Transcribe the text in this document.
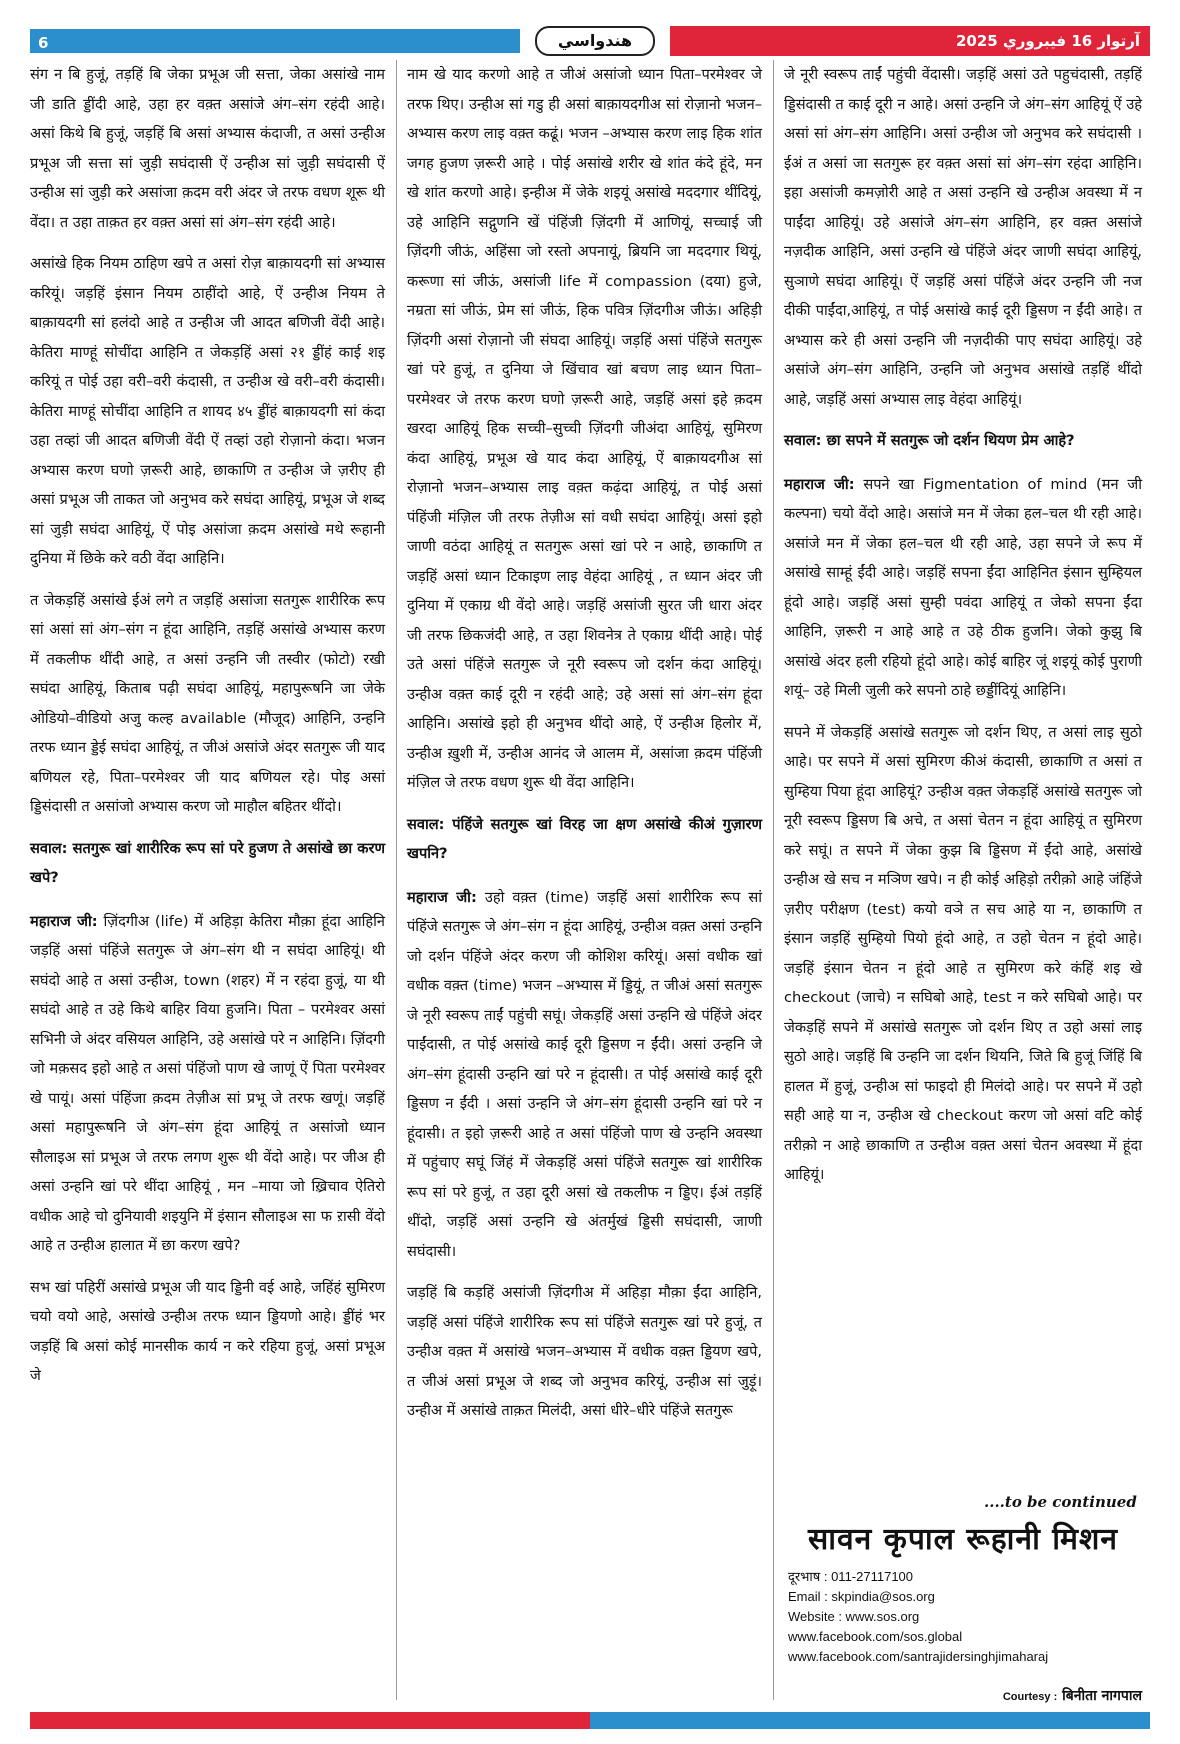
6	هندواسي	آرتوار 16 فيبروري 2025

संग न बि हुजूं, तड़हिं बि जेका प्रभूअ जी सत्ता, जेका असांखे नाम जी डाति ड्डींदी आहे, उहा हर वक़्त असांजे अंग–संग रहंदी आहे। असां किथे बि हुजूं, जड़हिं बि असां अभ्यास कंदाजी, त असां उन्हीअ प्रभूअ जी सत्ता सां जुड़ी सघंदासी ऐं उन्हीअ सां जुड़ी सघंदासी ऐं उन्हीअ सां जुड़ी करे असांजा क़दम वरी अंदर जे तरफ वधण शूरू थी वेंदा। त उहा ताक़त हर वक़्त असां सां अंग–संग रहंदी आहे।

असांखे हिक नियम ठाहिण खपे त असां रोज़ बाक़ायदगी सां अभ्यास करियूं। जड़हिं इंसान नियम ठाहींदो आहे, ऐं उन्हीअ नियम ते बाक़ायदगी सां हलंदो आहे त उन्हीअ जी आदत बणिजी वेंदी आहे। केतिरा माण्हूं सोचींदा आहिनि त जेकड़हिं असां २१ ड्डींहं काई शइ करियूं त पोई उहा वरी–वरी कंदासी, त उन्हीअ खे वरी–वरी कंदासी। केतिरा माण्हूं सोचींदा आहिनि त शायद ४५ ड्डींहं बाक़ायदगी सां कंदा उहा तव्हां जी आदत बणिजी वेंदी ऐं तव्हां उहो रोज़ानो कंदा। भजन अभ्यास करण घणो ज़रूरी आहे, छाकाणि त उन्हीअ जे ज़रीए ही असां प्रभूअ जी ताकत जो अनुभव करे सघंदा आहियूं, प्रभूअ जे शब्द सां जुड़ी सघंदा आहियूं, ऐं पोइ असांजा क़दम असांखे मथे रूहानी दुनिया में छिके करे वठी वेंदा आहिनि।

त जेकड़हिं असांखे ईअं लगे त जड़हिं असांजा सतगुरू शारीरिक रूप सां असां सां अंग–संग न हूंदा आहिनि, तड़हिं असांखे अभ्यास करण में तकलीफ थींदी आहे, त असां उन्हनि जी तस्वीर (फोटो) रखी सघंदा आहियूं, किताब पढ़ी सघंदा आहियूं, महापुरूषनि जा जेके ओडियो–वीडियो अजु कल्ह available (मौजूद) आहिनि, उन्हनि तरफ ध्यान ड्डेई सघंदा आहियूं, त जीअं असांजे अंदर सतगुरू जी याद बणियल रहे, पिता–परमेश्वर जी याद बणियल रहे। पोइ असां ड्डिसंदासी त असांजो अभ्यास करण जो माहौल बहितर थींदो।

सवाल: सतगुरू खां शारीरिक रूप सां परे हुजण ते असांखे छा करण खपे?

महाराज जी: ज़िंदगीअ (life) में अहिड़ा केतिरा मौक़ा हूंदा आहिनि जड़हिं असां पंहिंजे सतगुरू जे अंग–संग थी न सघंदा आहियूं। थी सघंदो आहे त असां उन्हीअ, town (शहर) में न रहंदा हुजूं, या थी सघंदो आहे त उहे किथे बाहिर विया हुजनि। पिता – परमेश्वर असां सभिनी जे अंदर वसियल आहिनि, उहे असांखे परे न आहिनि। ज़िंदगी जो मक़सद इहो आहे त असां पंहिंजो पाण खे जाणूं ऐं पिता परमेश्वर खे पायूं। असां पंहिंजा क़दम तेज़ीअ सां प्रभू जे तरफ खणूं। जड़हिं असां महापुरूषनि जे अंग–संग हूंदा आहियूं त असांजो ध्यान सौलाइअ सां प्रभूअ जे तरफ लगण शुरू थी वेंदो आहे। पर जीअ ही असां उन्हनि खां परे थींदा आहियूं , मन –माया जो ख़्रिचाव ऐतिरो वधीक आहे चो दुनियावी शइयुनि में इंसान सौलाइअ सा फ ऱासी वेंदो आहे त उन्हीअ हालात में छा करण खपे?

सभ खां पहिरीं असांखे प्रभूअ जी याद ड्डिनी वई आहे, जहिंहं सुमिरण चयो वयो आहे, असांखे उन्हीअ तरफ ध्यान ड्डियणो आहे। ड्डींहं भर जड़हिं बि असां कोई मानसीक कार्य न करे रहिया हुजूं, असां प्रभूअ जे

नाम खे याद करणो आहे त जीअं असांजो ध्यान पिता–परमेश्वर जे तरफ थिए। उन्हीअ सां गडु ही असां बाक़ायदगीअ सां रोज़ानो भजन–अभ्यास करण लाइ वक़्त कढूं। भजन –अभ्यास करण लाइ हिक शांत जगह हुजण ज़रूरी आहे । पोई असांखे शरीर खे शांत कंदे हूंदे, मन खे शांत करणो आहे। इन्हीअ में जेके शइयूं असांखे मददगार थींदियूं, उहे आहिनि सद्गुणनि खें पंहिंजी ज़िंदगी में आणियूं, सच्चाई जी ज़िंदगी जीऊं, अहिंसा जो रस्तो अपनायूं, ब्रियनि जा मददगार थियूं, करूणा सां जीऊं, असांजी life में compassion (दया) हुजे, नम्रता सां जीऊं, प्रेम सां जीऊं, हिक पवित्र ज़िंदगीअ जीऊं। अहिड़ी ज़िंदगी असां रोज़ानो जी संघदा आहियूं। जड़हिं असां पंहिंजे सतगुरू खां परे हुजूं, त दुनिया जे खिंचाव खां बचण लाइ ध्यान पिता–परमेश्वर जे तरफ करण घणो ज़रूरी आहे, जड़हिं असां इहे क़दम खरदा आहियूं हिक सच्ची–सुच्ची ज़िंदगी जीअंदा आहियूं, सुमिरण कंदा आहियूं, प्रभूअ खे याद कंदा आहियूं, ऐं बाक़ायदगीअ सां रोज़ानो भजन–अभ्यास लाइ वक़्त कढ़ंदा आहियूं, त पोई असां पंहिंजी मंज़िल जी तरफ तेज़ीअ सां वधी सघंदा आहियूं। असां इहो जाणी वठंदा आहियूं त सतगुरू असां खां परे न आहे, छाकाणि त जड़हिं असां ध्यान टिकाइण लाइ वेहंदा आहियूं , त ध्यान अंदर जी दुनिया में एकाग्र थी वेंदो आहे। जड़हिं असांजी सुरत जी धारा अंदर जी तरफ छिकजंदी आहे, त उहा शिवनेत्र ते एकाग्र थींदी आहे। पोई उते असां पंहिंजे सतगुरू जे नूरी स्वरूप जो दर्शन कंदा आहियूं। उन्हीअ वक़्त काई दूरी न रहंदी आहे; उहे असां सां अंग–संग हूंदा आहिनि। असांखे इहो ही अनुभव थींदो आहे, ऐं उन्हीअ हिलोर में, उन्हीअ ख़ुशी में, उन्हीअ आनंद जे आलम में, असांजा क़दम पंहिंजी मंज़िल जे तरफ वधण शुरू थी वेंदा आहिनि।

सवाल: पंहिंजे सतगुरू खां विरह जा क्षण असांखे कीअं गुज़ारण खपनि?

महाराज जी: उहो वक़्त (time) जड़हिं असां शारीरिक रूप सां पंहिंजे सतगुरू जे अंग–संग न हूंदा आहियूं, उन्हीअ वक़्त असां उन्हनि जो दर्शन पंहिंजे अंदर करण जी कोशिश करियूं। असां वधीक खां वधीक वक़्त (time) भजन –अभ्यास में ड्डियूं, त जीअं असां सतगुरू जे नूरी स्वरूप ताईं पहुंची सघूं। जेकड़हिं असां उन्हनि खे पंहिंजे अंदर पाईंदासी, त पोई असांखे काई दूरी ड्डिसण न ईंदी। असां उन्हनि जे अंग–संग हूंदासी उन्हनि खां परे न हूंदासी। त पोई असांखे काई दूरी ड्डिसण न ईंदी । असां उन्हनि जे अंग–संग हूंदासी उन्हनि खां परे न हूंदासी। त इहो ज़रूरी आहे त असां पंहिंजो पाण खे उन्हनि अवस्था में पहुंचाए सघूं जिंहं में जेकड़हिं असां पंहिंजे सतगुरू खां शारीरिक रूप सां परे हुजूं, त उहा दूरी असां खे तकलीफ न ड्डिए। ईअं तड़हिं थींदो, जड़हिं असां उन्हनि खे अंतर्मुखं ड्डिसी सघंदासी, जाणी सघंदासी।

जड़हिं बि कड़हिं असांजी ज़िंदगीअ में अहिड़ा मौक़ा ईंदा आहिनि, जड़हिं असां पंहिंजे शारीरिक रूप सां पंहिंजे सतगुरू खां परे हुजूं, त उन्हीअ वक़्त में असांखे भजन–अभ्यास में वधीक वक़्त ड्डियण खपे, त जीअं असां प्रभूअ जे शब्द जो अनुभव करियूं, उन्हीअ सां जुड़ूं। उन्हीअ में असांखे ताक़त मिलंदी, असां धीरे–धीरे पंहिंजे सतगुरू

जे नूरी स्वरूप ताईं पहुंची वेंदासी। जड़हिं असां उते पहुचंदासी, तड़हिं ड्डिसंदासी त काई दूरी न आहे। असां उन्हनि जे अंग–संग आहियूं ऐं उहे असां सां अंग–संग आहिनि। असां उन्हीअ जो अनुभव करे सघंदासी । ईअं त असां जा सतगुरू हर वक़्त असां सां अंग–संग रहंदा आहिनि। इहा असांजी कमज़ोरी आहे त असां उन्हनि खे उन्हीअ अवस्था में न पाईंदा आहियूं। उहे असांजे अंग–संग आहिनि, हर वक़्त असांजे नज़दीक आहिनि, असां उन्हनि खे पंहिंजे अंदर जाणी सघंदा आहियूं, सुञाणे सघंदा आहियूं। ऐं जड़हिं असां पंहिंजे अंदर उन्हनि जी नज दीकी पाईंदा,आहियूं, त पोई असांखे काई दूरी ड्डिसण न ईंदी आहे। त अभ्यास करे ही असां उन्हनि जी नज़दीकी पाए सघंदा आहियूं। उहे असांजे अंग–संग आहिनि, उन्हनि जो अनुभव असांखे तड़हिं थींदो आहे, जड़हिं असां अभ्यास लाइ वेहंदा आहियूं।

सवाल: छा सपने में सतगुरू जो दर्शन थियण प्रेम आहे?

महाराज जी: सपने खा Figmentation of mind (मन जी कल्पना) चयो वेंदो आहे। असांजे मन में जेका हल–चल थी रही आहे। असांजे मन में जेका हल–चल थी रही आहे, उहा सपने जे रूप में असांखे साम्हूं ईंदी आहे। जड़हिं सपना ईंदा आहिनित इंसान सुम्हियल हूंदो आहे। जड़हिं असां सुम्ही पवंदा आहियूं त जेको सपना ईंदा आहिनि, ज़रूरी न आहे आहे त उहे ठीक हुजनि। जेको कुझु बि असांखे अंदर हली रहियो हूंदो आहे। कोई बाहिर जूं शइयूं कोई पुराणी शयूं– उहे मिली जुली करे सपनो ठाहे छड्डींदियूं आहिनि।

सपने में जेकड़हिं असांखे सतगुरू जो दर्शन थिए, त असां लाइ सुठो आहे। पर सपने में असां सुमिरण कीअं कंदासी, छाकाणि त असां त सुम्हिया पिया हूंदा आहियूं? उन्हीअ वक़्त जेकड़हिं असांखे सतगुरू जो नूरी स्वरूप ड्डिसण बि अचे, त असां चेतन न हूंदा आहियूं त सुमिरण करे सघूं। त सपने में जेका कुझ बि ड्डिसण में ईंदो आहे, असांखे उन्हीअ खे सच न मञिण खपे। न ही कोई अहिड़ो तरीक़ो आहे जंहिंजे ज़रीए परीक्षण (test) कयो वञे त सच आहे या न, छाकाणि त इंसान जड़हिं सुम्हियो पियो हूंदो आहे, त उहो चेतन न हूंदो आहे। जड़हिं इंसान चेतन न हूंदो आहे त सुमिरण करे कंहिं शइ खे checkout (जाचे) न सघिबो आहे, test न करे सघिबो आहे। पर जेकड़हिं सपने में असांखे सतगुरू जो दर्शन थिए त उहो असां लाइ सुठो आहे। जड़हिं बि उन्हनि जा दर्शन थियनि, जिते बि हुजूं जिंहिं बि हालत में हुजूं, उन्हीअ सां फाइदो ही मिलंदो आहे। पर सपने में उहो सही आहे या न, उन्हीअ खे checkout करण जो असां वटि कोई तरीक़ो न आहे छाकाणि त उन्हीअ वक़्त असां चेतन अवस्था में हूंदा आहियूं।

....to be continued
सावन कृपाल रूहानी मिशन
दूरभाष : 011-27117100
Email : skpindia@sos.org
Website : www.sos.org
www.facebook.com/sos.global
www.facebook.com/santrajidersinghjimaharaj
Courtesy : बिनीता नागपाल
